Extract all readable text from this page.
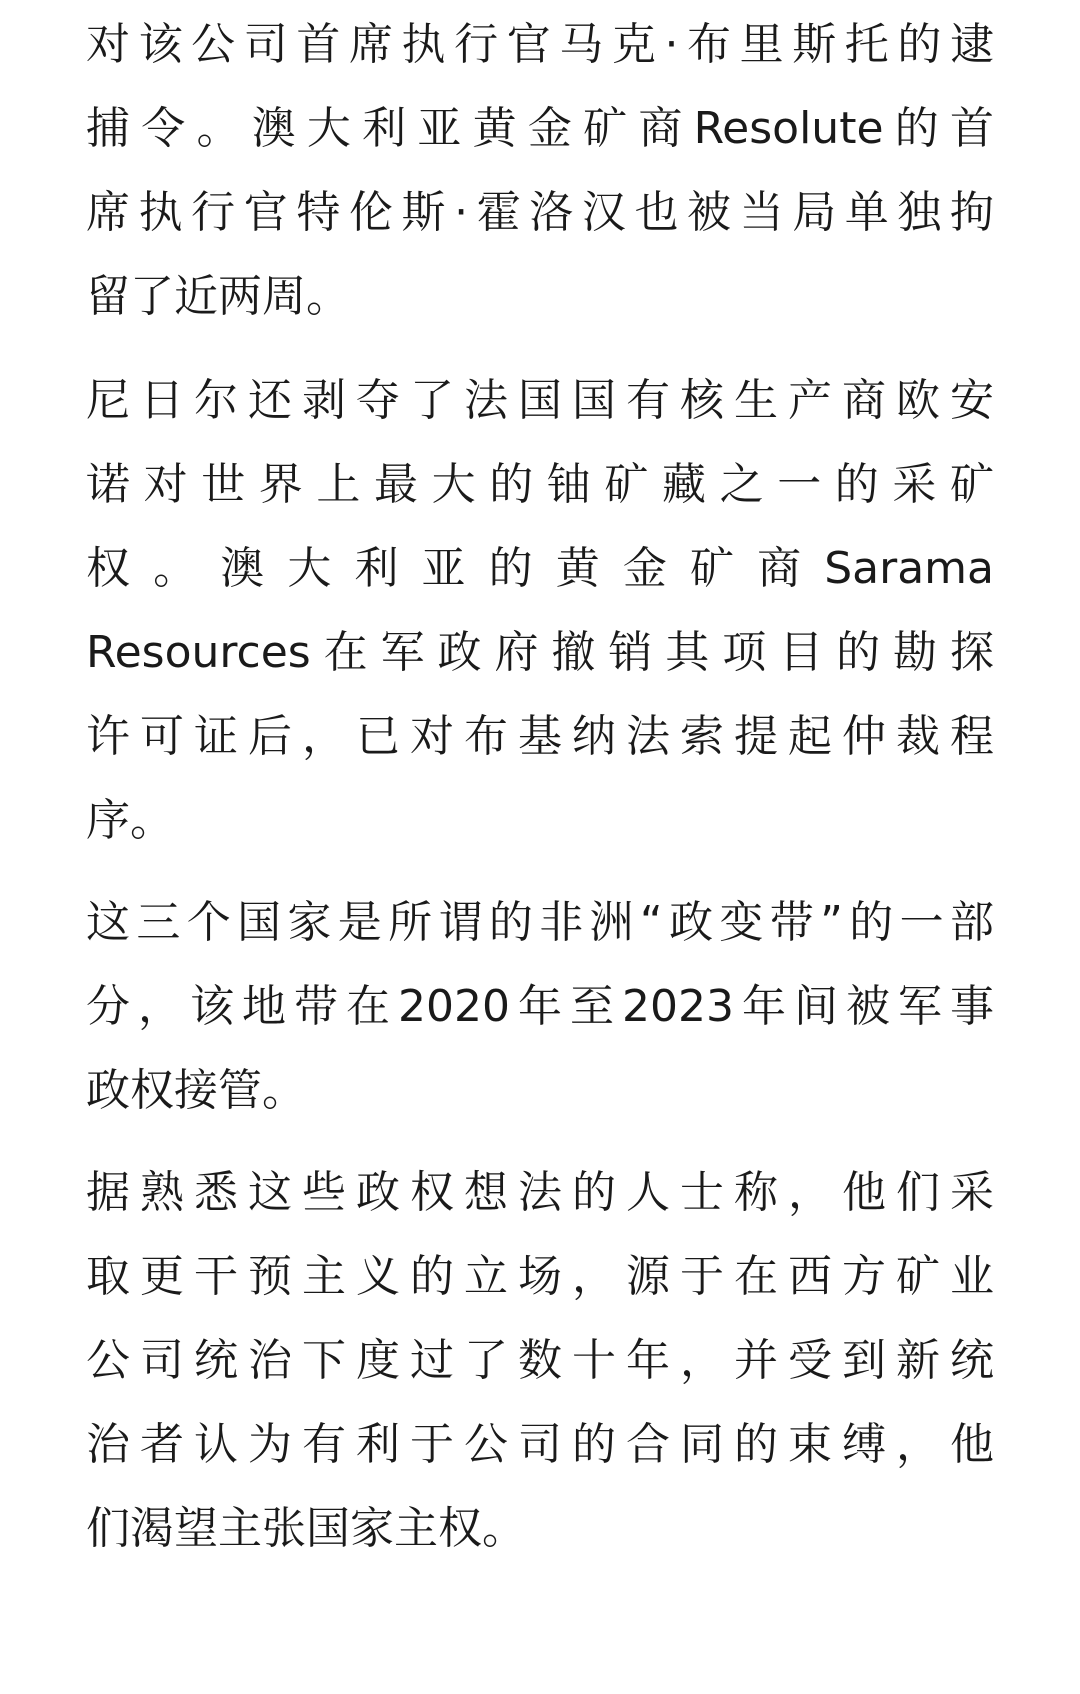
对该公司首席执行官马克·布里斯托的逮
捕令。澳大利亚黄金矿商Resolute的首
席执行官特伦斯·霍洛汉也被当局单独拘
留了近两周。

尼日尔还剥夺了法国国有核生产商欧安
诺对世界上最大的铀矿藏之一的采矿
权。澳大利亚的黄金矿商Sarama
Resources在军政府撤销其项目的勘探
许可证后，已对布基纳法索提起仲裁程
序。

这三个国家是所谓的非洲“政变带”的一部
分，该地带在2020年至2023年间被军事
政权接管。

据熟悉这些政权想法的人士称，他们采
取更干预主义的立场，源于在西方矿业
公司统治下度过了数十年，并受到新统
治者认为有利于公司的合同的束缚，他
们渴望主张国家主权。
